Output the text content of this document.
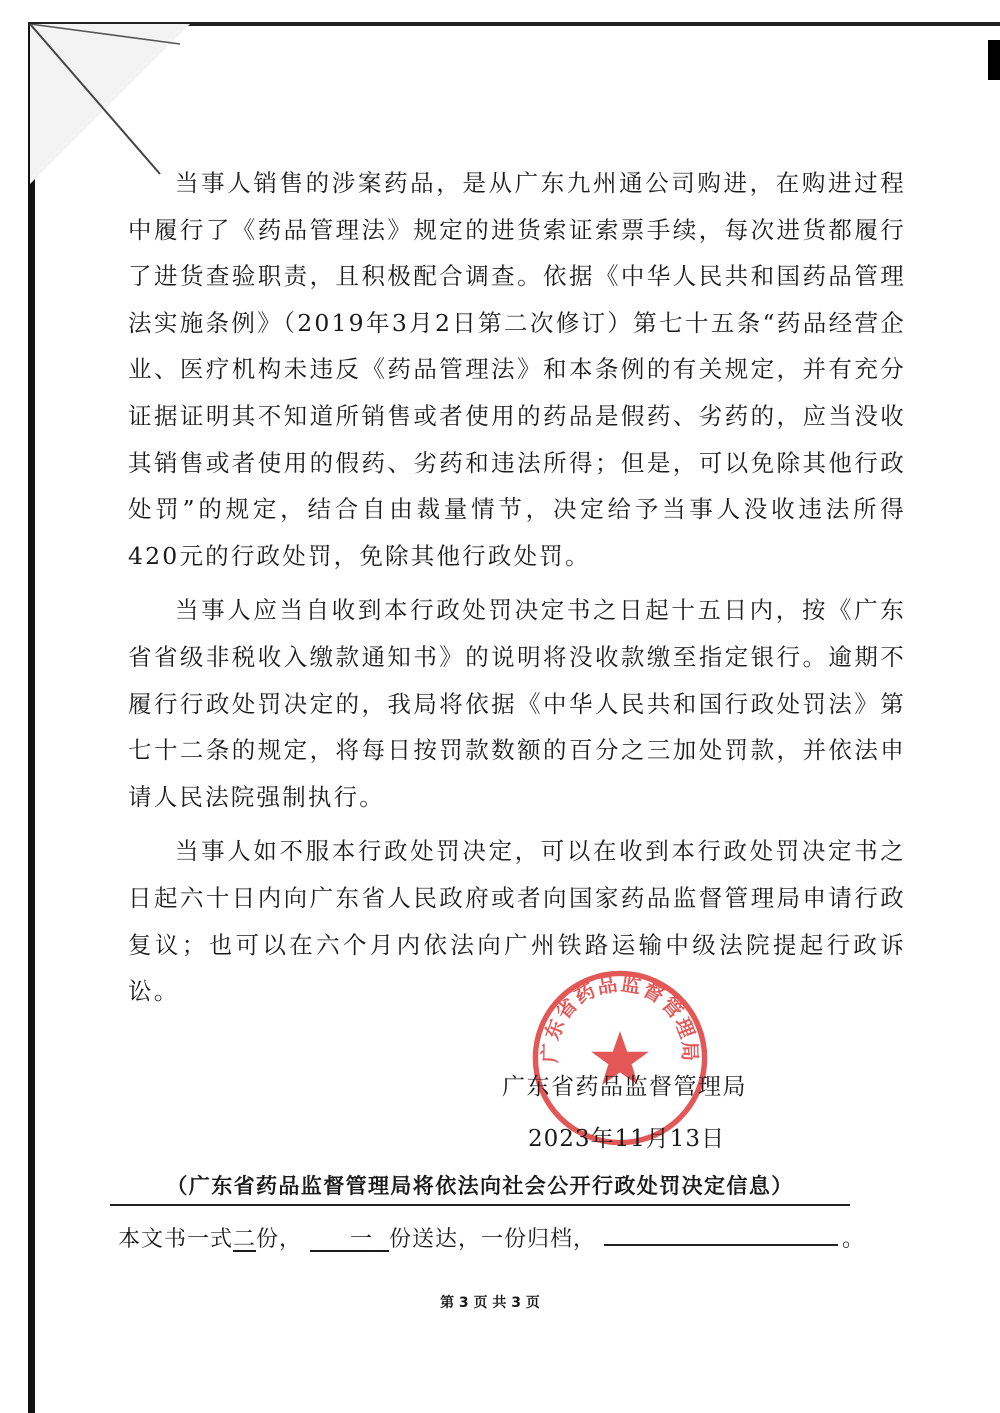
当事人销售的涉案药品，是从广东九州通公司购进，在购进过程中履行了《药品管理法》规定的进货索证索票手续，每次进货都履行了进货查验职责，且积极配合调查。依据《中华人民共和国药品管理法实施条例》（2019年3月2日第二次修订）第七十五条“药品经营企业、医疗机构未违反《药品管理法》和本条例的有关规定，并有充分证据证明其不知道所销售或者使用的药品是假药、劣药的，应当没收其销售或者使用的假药、劣药和违法所得；但是，可以免除其他行政处罚”的规定，结合自由裁量情节，决定给予当事人没收违法所得420元的行政处罚，免除其他行政处罚。

当事人应当自收到本行政处罚决定书之日起十五日内，按《广东省省级非税收入缴款通知书》的说明将没收款缴至指定银行。逾期不履行行政处罚决定的，我局将依据《中华人民共和国行政处罚法》第七十二条的规定，将每日按罚款数额的百分之三加处罚款，并依法申请人民法院强制执行。

当事人如不服本行政处罚决定，可以在收到本行政处罚决定书之日起六十日内向广东省人民政府或者向国家药品监督管理局申请行政复议；也可以在六个月内依法向广州铁路运输中级法院提起行政诉讼。

广东省药品监督管理局
广东省药品监督管理局
2023年11月13日
（广东省药品监督管理局将依法向社会公开行政处罚决定信息）
本文书一式二份， 一 份送达，一份归档，	。
第 3 页 共 3 页
